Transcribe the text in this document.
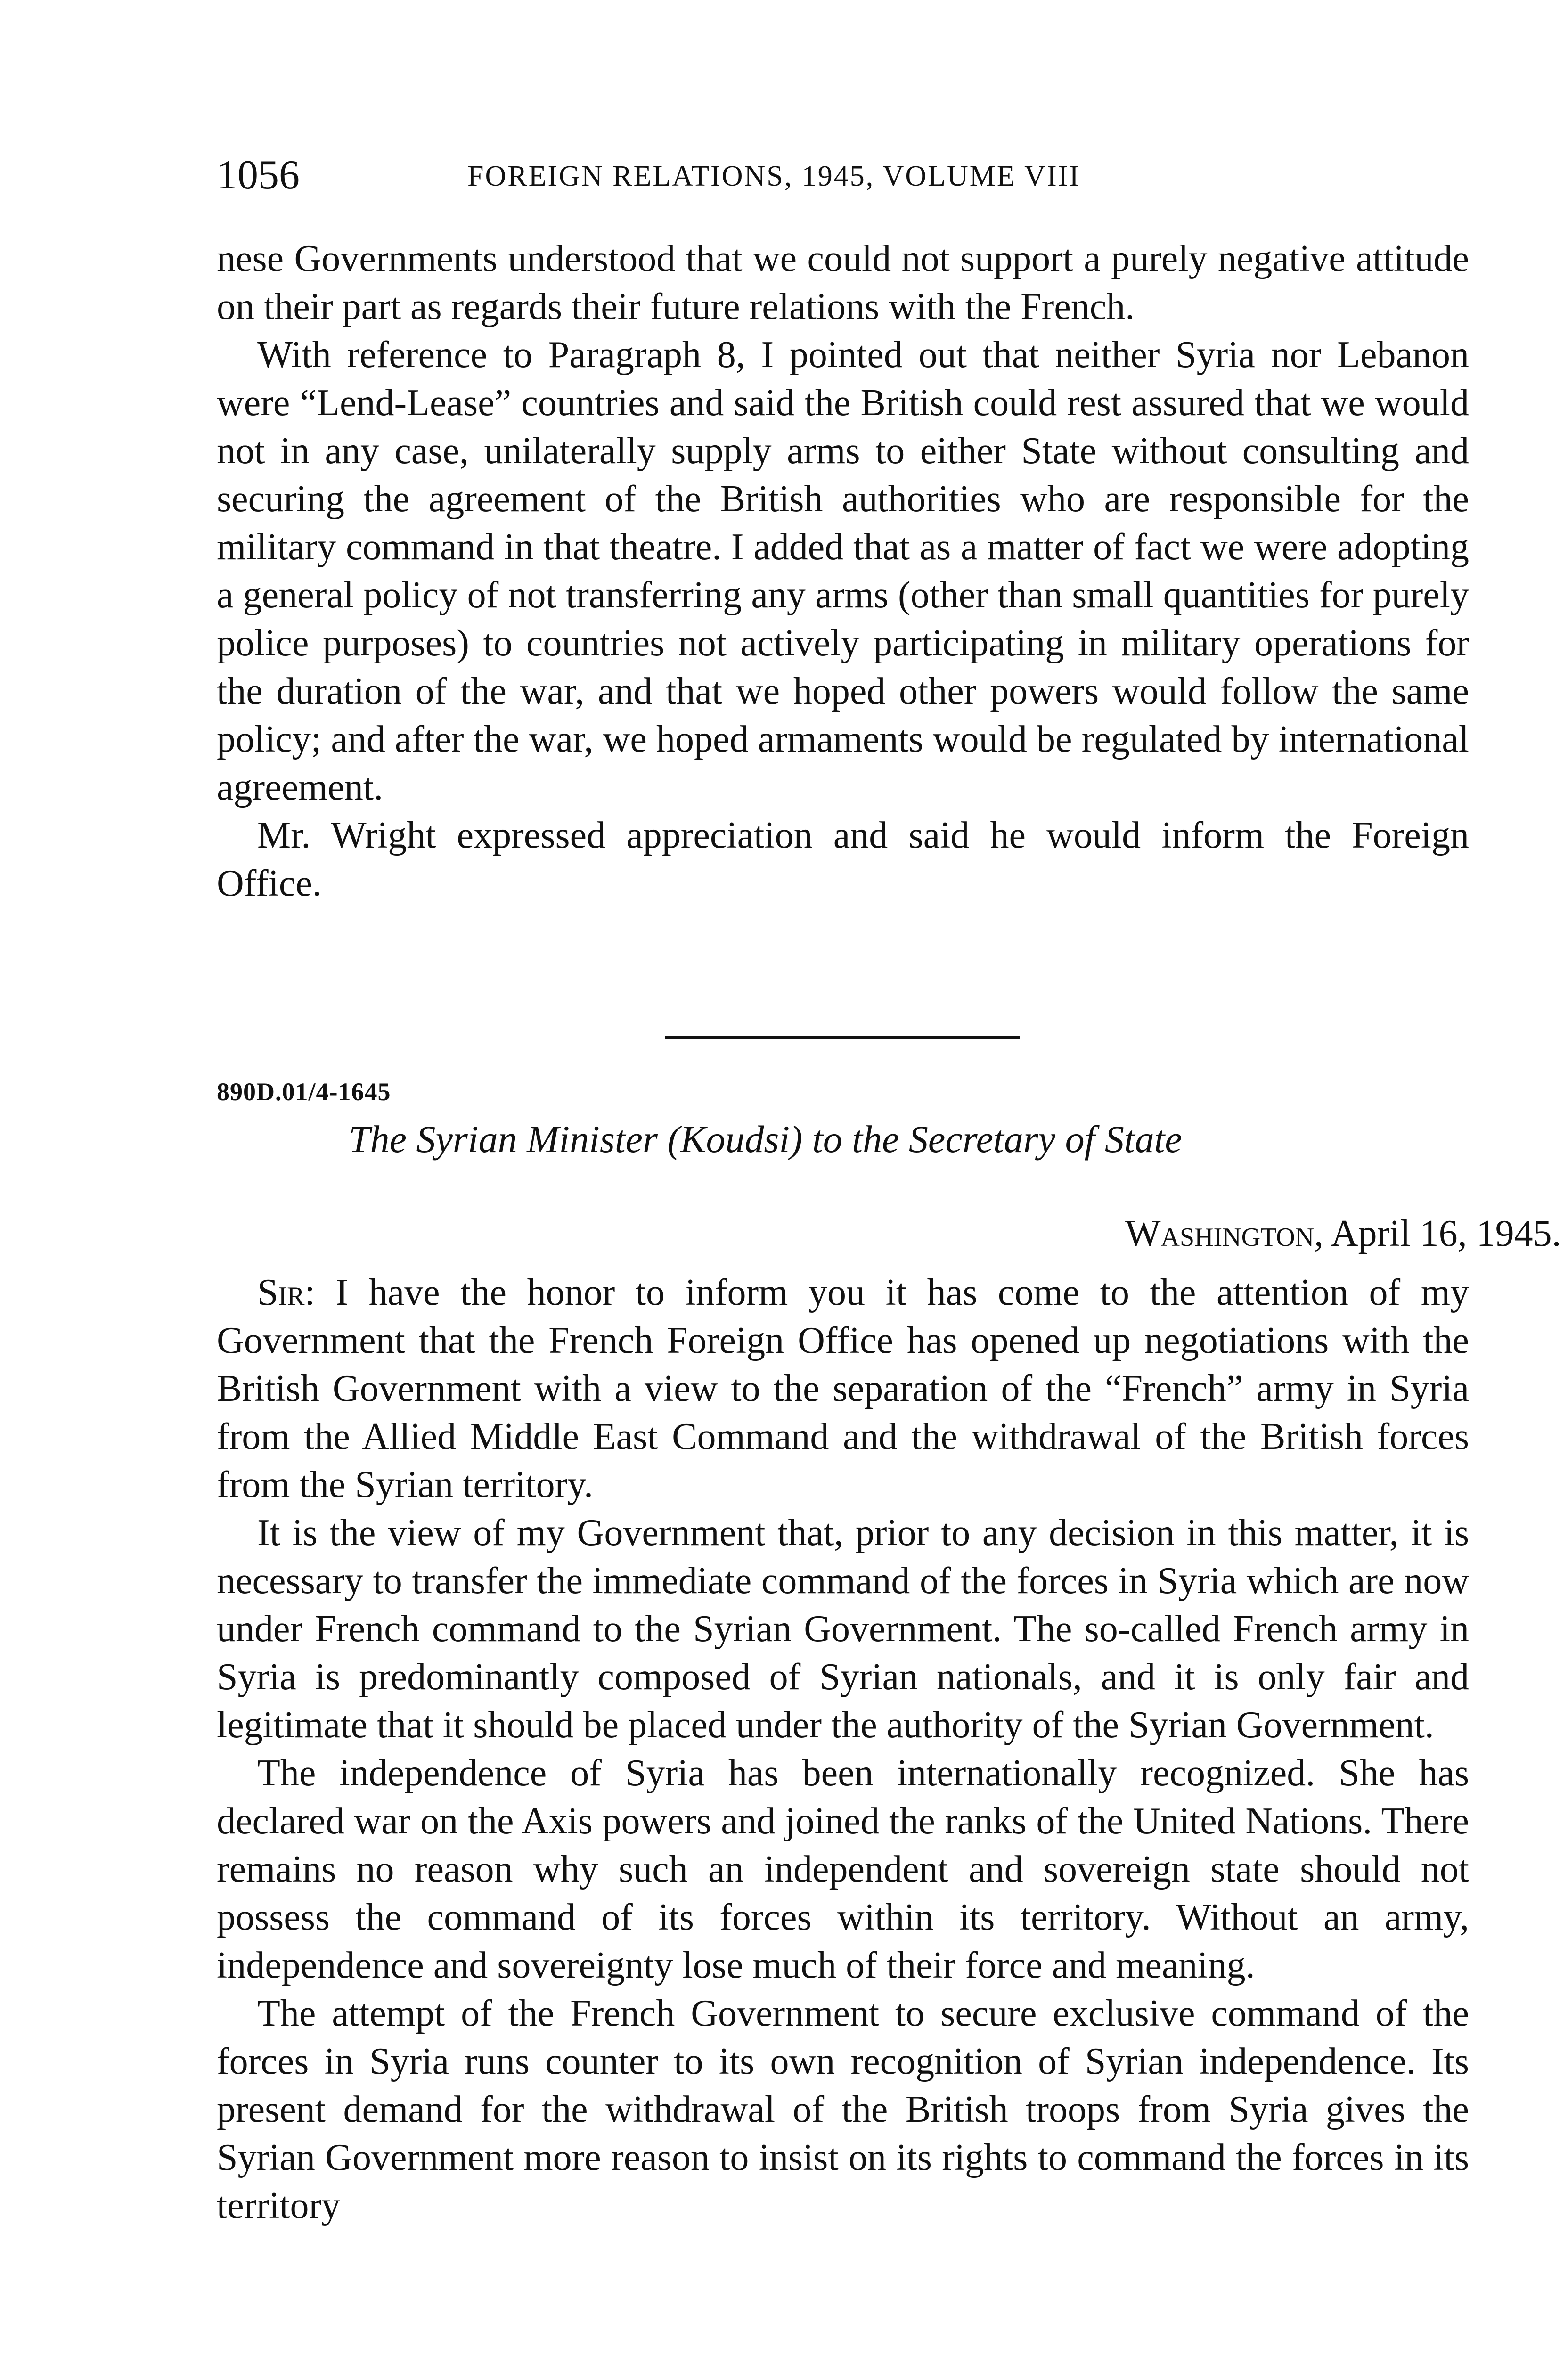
1056	FOREIGN RELATIONS, 1945, VOLUME VIII

nese Governments understood that we could not support a purely negative attitude on their part as regards their future relations with the French.

With reference to Paragraph 8, I pointed out that neither Syria nor Lebanon were “Lend-Lease” countries and said the British could rest assured that we would not in any case, unilaterally supply arms to either State without consulting and securing the agreement of the British authorities who are responsible for the military command in that theatre. I added that as a matter of fact we were adopting a general policy of not transferring any arms (other than small quantities for purely police purposes) to countries not actively participating in military operations for the duration of the war, and that we hoped other powers would follow the same policy; and after the war, we hoped armaments would be regulated by international agreement.

Mr. Wright expressed appreciation and said he would inform the Foreign Office.

890D.01/4-1645
The Syrian Minister (Koudsi) to the Secretary of State
Washington, April 16, 1945.

Sir: I have the honor to inform you it has come to the attention of my Government that the French Foreign Office has opened up negotiations with the British Government with a view to the separation of the “French” army in Syria from the Allied Middle East Command and the withdrawal of the British forces from the Syrian territory.

It is the view of my Government that, prior to any decision in this matter, it is necessary to transfer the immediate command of the forces in Syria which are now under French command to the Syrian Government. The so-called French army in Syria is predominantly composed of Syrian nationals, and it is only fair and legitimate that it should be placed under the authority of the Syrian Government.

The independence of Syria has been internationally recognized. She has declared war on the Axis powers and joined the ranks of the United Nations. There remains no reason why such an independent and sovereign state should not possess the command of its forces within its territory. Without an army, independence and sovereignty lose much of their force and meaning.

The attempt of the French Government to secure exclusive command of the forces in Syria runs counter to its own recognition of Syrian independence. Its present demand for the withdrawal of the British troops from Syria gives the Syrian Government more reason to insist on its rights to command the forces in its territory
